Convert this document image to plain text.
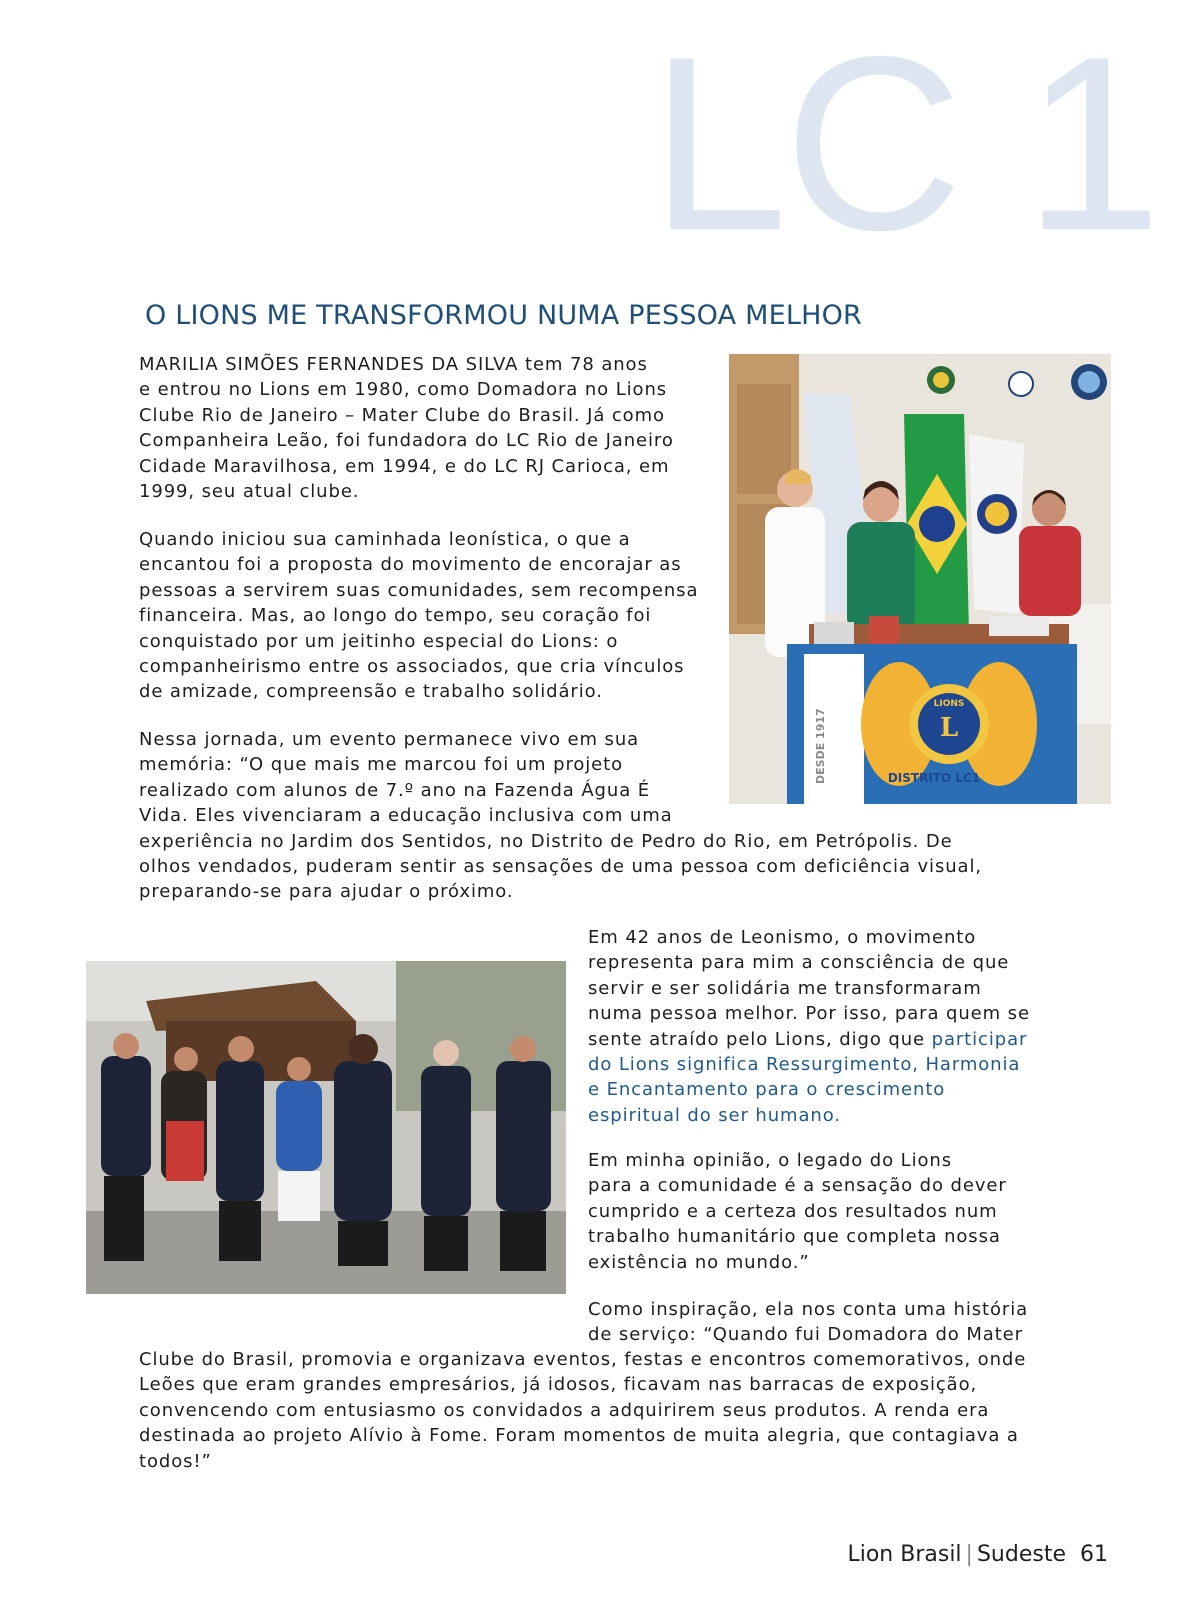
LC 1
O LIONS ME TRANSFORMOU NUMA PESSOA MELHOR

MARILIA SIMÕES FERNANDES DA SILVA tem 78 anos
e entrou no Lions em 1980, como Domadora no Lions
Clube Rio de Janeiro – Mater Clube do Brasil. Já como
Companheira Leão, foi fundadora do LC Rio de Janeiro
Cidade Maravilhosa, em 1994, e do LC RJ Carioca, em
1999, seu atual clube.

Quando iniciou sua caminhada leonística, o que a
encantou foi a proposta do movimento de encorajar as
pessoas a servirem suas comunidades, sem recompensa
financeira. Mas, ao longo do tempo, seu coração foi
conquistado por um jeitinho especial do Lions: o
companheirismo entre os associados, que cria vínculos
de amizade, compreensão e trabalho solidário.

Nessa jornada, um evento permanece vivo em sua
memória: “O que mais me marcou foi um projeto
realizado com alunos de 7.º ano na Fazenda Água É
Vida. Eles vivenciaram a educação inclusiva com uma
experiência no Jardim dos Sentidos, no Distrito de Pedro do Rio, em Petrópolis. De
olhos vendados, puderam sentir as sensações de uma pessoa com deficiência visual,
preparando-se para ajudar o próximo.

LIONS
L
DESDE 1917	DISTRITO LC1

Em 42 anos de Leonismo, o movimento
representa para mim a consciência de que
servir e ser solidária me transformaram
numa pessoa melhor. Por isso, para quem se
sente atraído pelo Lions, digo que participar
do Lions significa Ressurgimento, Harmonia
e Encantamento para o crescimento
espiritual do ser humano.

Em minha opinião, o legado do Lions
para a comunidade é a sensação do dever
cumprido e a certeza dos resultados num
trabalho humanitário que completa nossa
existência no mundo.”

Como inspiração, ela nos conta uma história
de serviço: “Quando fui Domadora do Mater

Clube do Brasil, promovia e organizava eventos, festas e encontros comemorativos, onde
Leões que eram grandes empresários, já idosos, ficavam nas barracas de exposição,
convencendo com entusiasmo os convidados a adquirirem seus produtos. A renda era
destinada ao projeto Alívio à Fome. Foram momentos de muita alegria, que contagiava a
todos!”

Lion Brasil | Sudeste 61
